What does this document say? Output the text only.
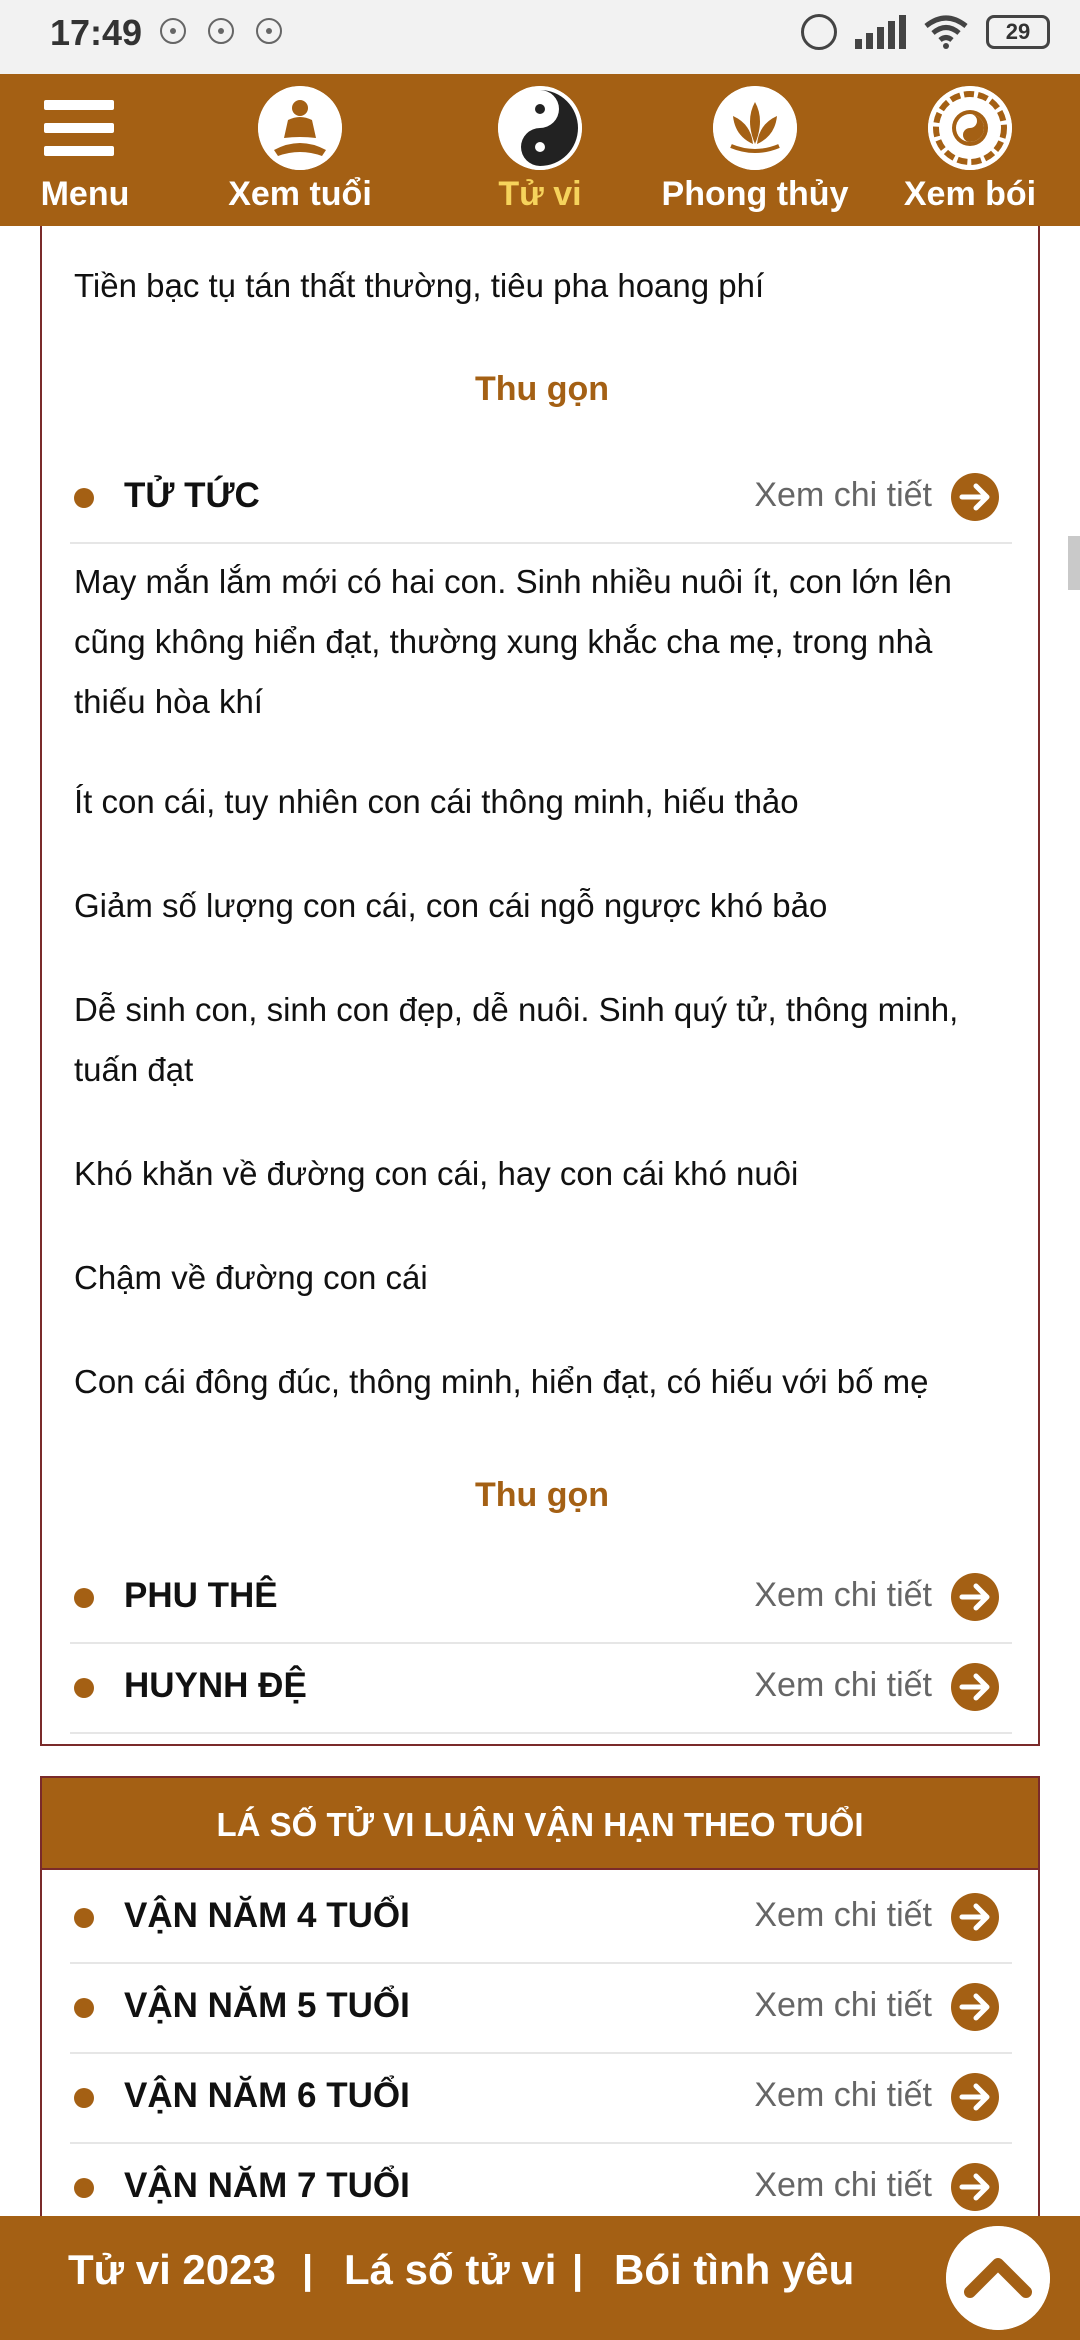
17:49	29
Menu	Xem tuổi	Tử vi	Phong thủy	Xem bói
Tiền bạc tụ tán thất thường, tiêu pha hoang phí
Thu gọn
TỬ TỨC	Xem chi tiết
May mắn lắm mới có hai con. Sinh nhiều nuôi ít, con lớn lên cũng không hiển đạt, thường xung khắc cha mẹ, trong nhà thiếu hòa khí
Ít con cái, tuy nhiên con cái thông minh, hiếu thảo
Giảm số lượng con cái, con cái ngỗ ngược khó bảo
Dễ sinh con, sinh con đẹp, dễ nuôi. Sinh quý tử, thông minh, tuấn đạt
Khó khăn về đường con cái, hay con cái khó nuôi
Chậm về đường con cái
Con cái đông đúc, thông minh, hiển đạt, có hiếu với bố mẹ
Thu gọn
PHU THÊ	Xem chi tiết
HUYNH ĐỆ	Xem chi tiết
LÁ SỐ TỬ VI LUẬN VẬN HẠN THEO TUỔI
VẬN NĂM 4 TUỔI	Xem chi tiết
VẬN NĂM 5 TUỔI	Xem chi tiết
VẬN NĂM 6 TUỔI	Xem chi tiết
VẬN NĂM 7 TUỔI	Xem chi tiết
Tử vi 2023 | Lá số tử vi | Bói tình yêu
